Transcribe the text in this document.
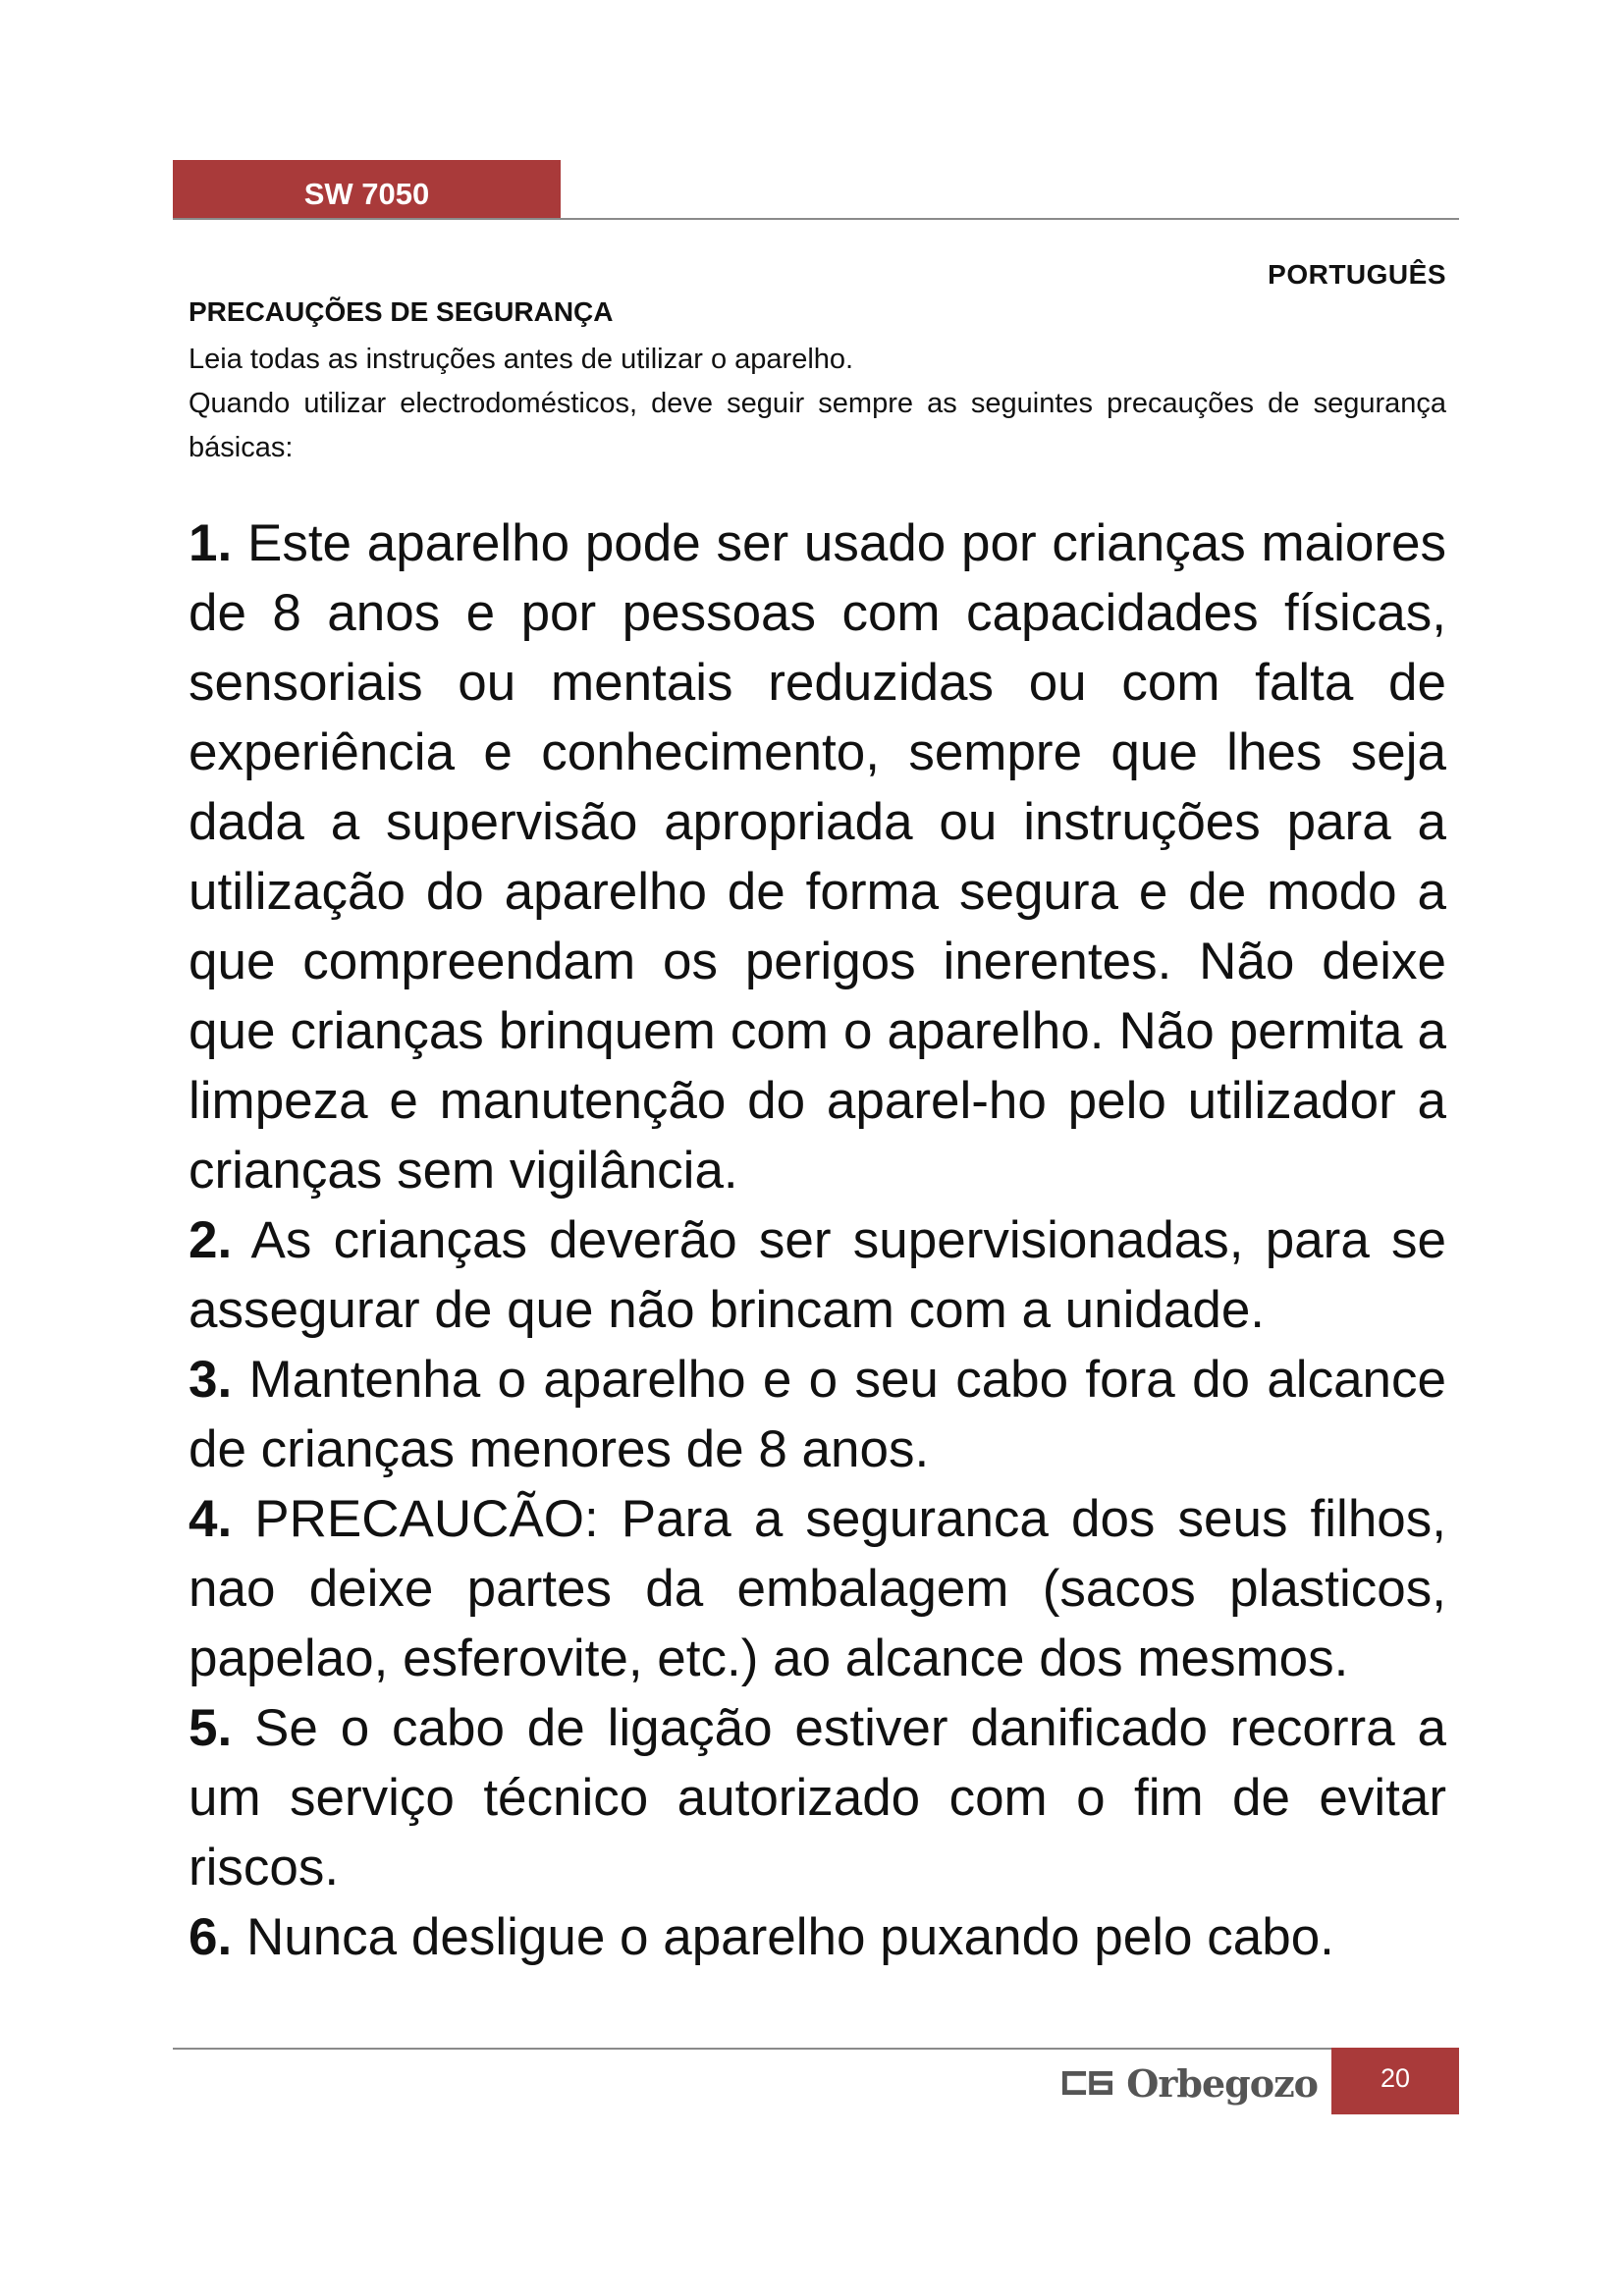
SW 7050
PORTUGUÊS
PRECAUÇÕES DE SEGURANÇA

Leia todas as instruções antes de utilizar o aparelho.

Quando utilizar electrodomésticos, deve seguir sempre as seguintes precauções de segurança básicas:

1. Este aparelho pode ser usado por crianças maiores de 8 anos e por pessoas com capacidades físicas, sensoriais ou mentais reduzidas ou com falta de experiência e conhecimento, sempre que lhes seja dada a supervisão apropriada ou instruções para a utilização do aparelho de forma segura e de modo a que compreendam os perigos inerentes. Não deixe que crianças brinquem com o aparelho. Não permita a limpeza e manutenção do aparel-ho pelo utilizador a crianças sem vigilância.

2. As crianças deverão ser supervisionadas, para se assegurar de que não brincam com a unidade.

3. Mantenha o aparelho e o seu cabo fora do alcance de crianças menores de 8 anos.

4. PRECAUCÃO: Para a seguranca dos seus filhos, nao deixe partes da embalagem (sacos plasticos, papelao, esferovite, etc.) ao alcance dos mesmos.

5. Se o cabo de ligação estiver danificado recorra a um serviço técnico autorizado com o fim de evitar riscos.

6. Nunca desligue o aparelho puxando pelo cabo.

Orbegozo 20
